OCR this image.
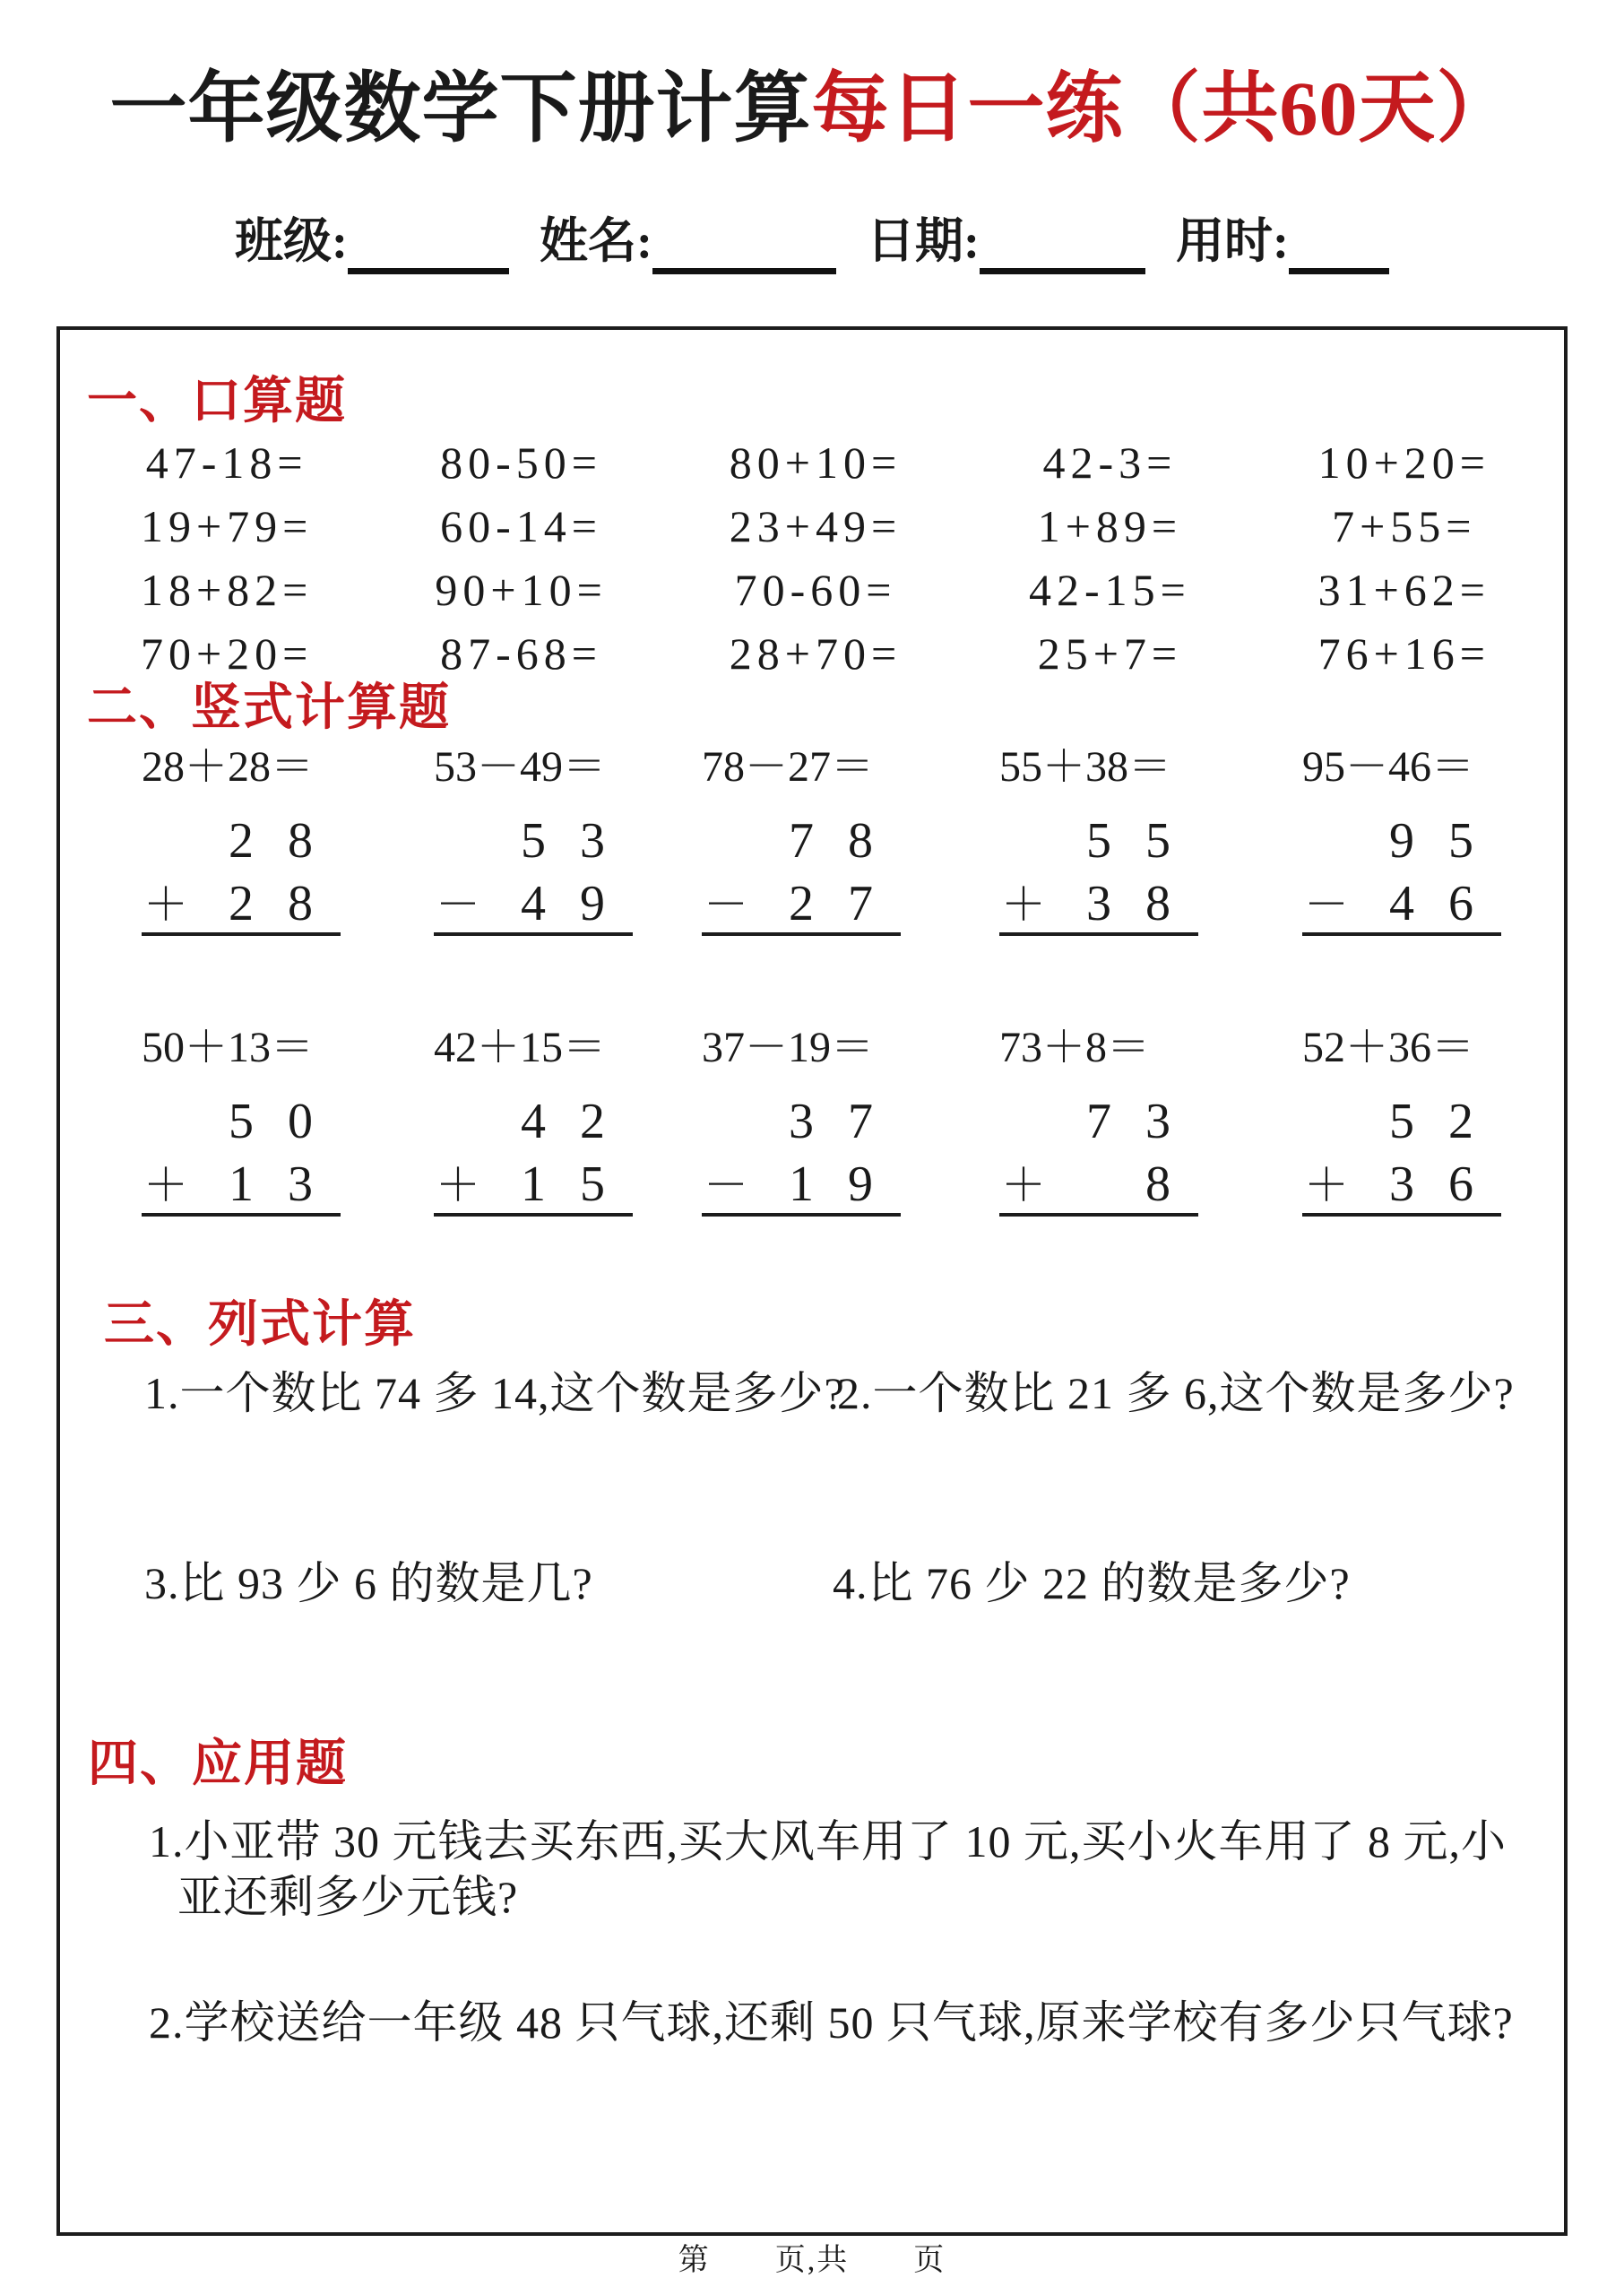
一年级数学下册计算每日一练（共60天）
班级:	姓名:	日期:	用时:
一、口算题
47-18=	80-50=	80+10=	42-3=	10+20=
19+79=	60-14=	23+49=	1+89=	7+55=
18+82=	90+10=	70-60=	42-15=	31+62=
70+20=	87-68=	28+70=	25+7=	76+16=
二、竖式计算题
28＋28＝
2 8
＋ 2 8
53－49＝
5 3
－ 4 9
78－27＝
7 8
－ 2 7
55＋38＝
5 5
＋ 3 8
95－46＝
9 5
－ 4 6
50＋13＝
5 0
＋ 1 3
42＋15＝
4 2
＋ 1 5
37－19＝
3 7
－ 1 9
73＋8＝
7 3
＋	8
52＋36＝
5 2
＋ 3 6
三、列式计算
1.一个数比 74 多 14,这个数是多少?
2.一个数比 21 多 6,这个数是多少?
3.比 93 少 6 的数是几?	4.比 76 少 22 的数是多少?
四、应用题
1.小亚带 30 元钱去买东西,买大风车用了 10 元,买小火车用了 8 元,小
亚还剩多少元钱?
2.学校送给一年级 48 只气球,还剩 50 只气球,原来学校有多少只气球?
第　　页,共　　页
